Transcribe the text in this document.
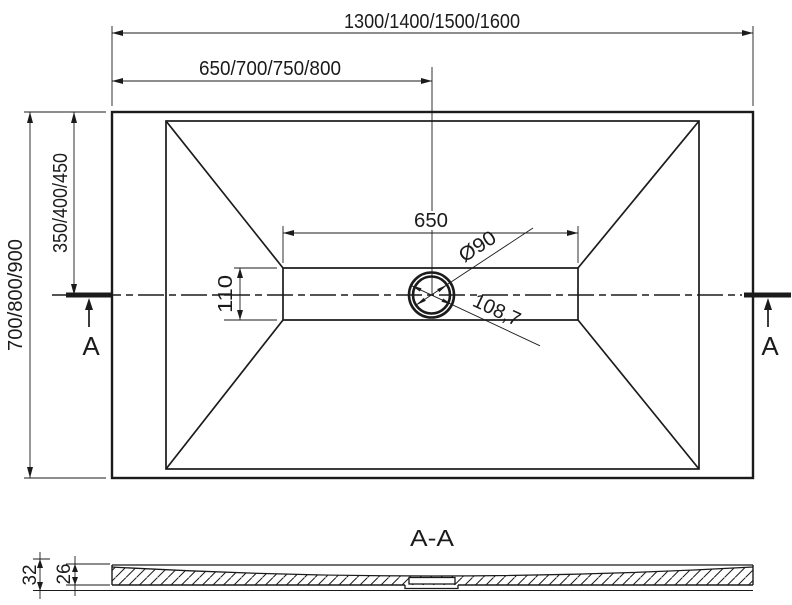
A	A
1300/1400/1500/1600
650/700/750/800
700/800/900
350/400/450	650
110
Ø90
108,7
A-A
32 26
